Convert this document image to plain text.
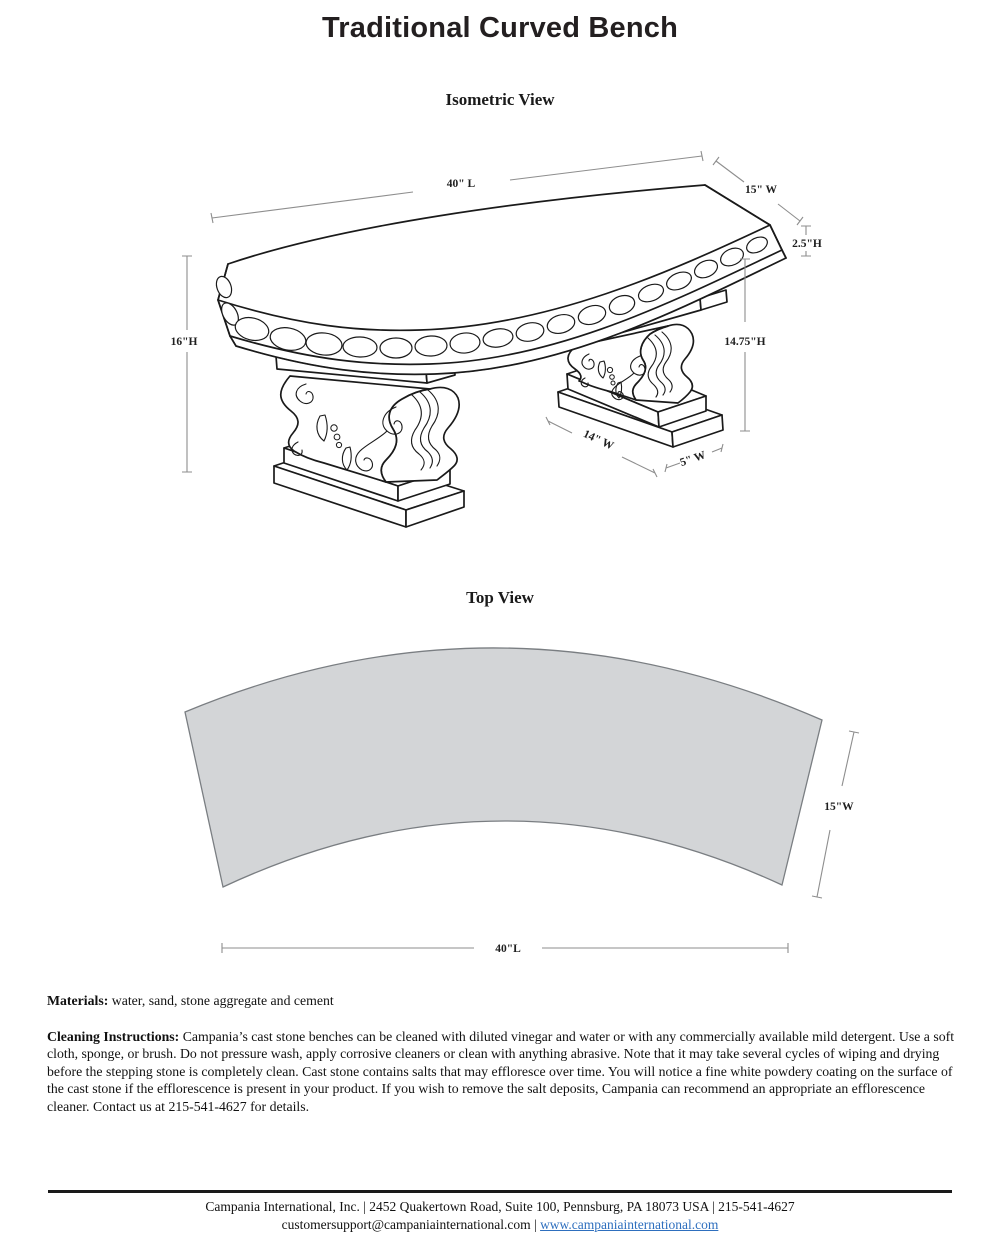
Traditional Curved Bench
Isometric View
40" L	15" W
2.5"H
16"H	14.75"H
14" W
5" W
Top View
15"W
40"L

Materials: water, sand, stone aggregate and cement

Cleaning Instructions: Campania’s cast stone benches can be cleaned with diluted vinegar and water or with any commercially available mild detergent. Use a soft cloth, sponge, or brush. Do not pressure wash, apply corrosive cleaners or clean with anything abrasive. Note that it may take several cycles of wiping and drying before the stepping stone is completely clean. Cast stone contains salts that may effloresce over time. You will notice a fine white powdery coating on the surface of the cast stone if the efflorescence is present in your product. If you wish to remove the salt deposits, Campania can recommend an appropriate an efflorescence cleaner. Contact us at 215-541-4627 for details.

Campania International, Inc. | 2452 Quakertown Road, Suite 100, Pennsburg, PA 18073 USA | 215-541-4627

customersupport@campaniainternational.com | www.campaniainternational.com
